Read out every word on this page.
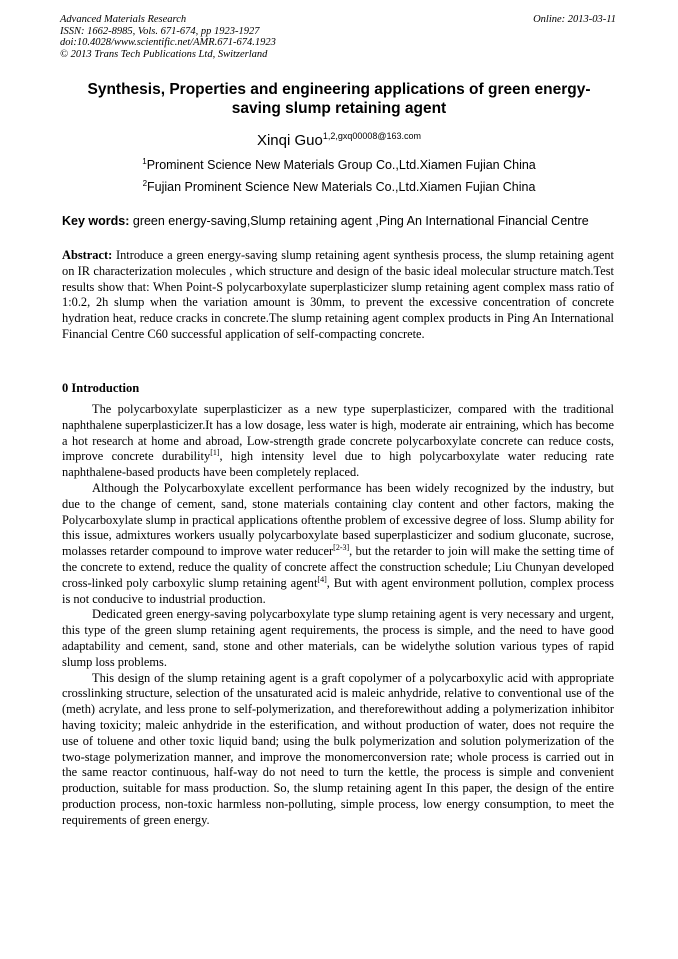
Advanced Materials Research
ISSN: 1662-8985, Vols. 671-674, pp 1923-1927
doi:10.4028/www.scientific.net/AMR.671-674.1923
© 2013 Trans Tech Publications Ltd, Switzerland
Online: 2013-03-11
Synthesis, Properties and engineering applications of green energy-saving slump retaining agent
Xinqi Guo$^{1,2,gxq00008@163.com}$
$^1$Prominent Science New Materials Group Co.,Ltd.Xiamen Fujian China
$^2$Fujian Prominent Science New Materials Co.,Ltd.Xiamen Fujian China
Key words: green energy-saving,Slump retaining agent ,Ping An International Financial Centre

Abstract: Introduce a green energy-saving slump retaining agent synthesis process, the slump retaining agent on IR characterization molecules , which structure and design of the basic ideal molecular structure match.Test results show that: When Point-S polycarboxylate superplasticizer slump retaining agent complex mass ratio of 1:0.2, 2h slump when the variation amount is 30mm, to prevent the excessive concentration of concrete hydration heat, reduce cracks in concrete.The slump retaining agent complex products in Ping An International Financial Centre C60 successful application of self-compacting concrete.

0 Introduction

The polycarboxylate superplasticizer as a new type superplasticizer, compared with the traditional naphthalene superplasticizer.It has a low dosage, less water is high, moderate air entraining, which has become a hot research at home and abroad, Low-strength grade concrete polycarboxylate concrete can reduce costs, improve concrete durability[1], high intensity level due to high polycarboxylate water reducing rate naphthalene-based products have been completely replaced.

Although the Polycarboxylate excellent performance has been widely recognized by the industry, but due to the change of cement, sand, stone materials containing clay content and other factors, making the Polycarboxylate slump in practical applications oftenthe problem of excessive degree of loss. Slump ability for this issue, admixtures workers usually polycarboxylate based superplasticizer and sodium gluconate, sucrose, molasses retarder compound to improve water reducer[2-3], but the retarder to join will make the setting time of the concrete to extend, reduce the quality of concrete affect the construction schedule; Liu Chunyan developed cross-linked poly carboxylic slump retaining agent[4], But with agent environment pollution, complex process is not conducive to industrial production.

Dedicated green energy-saving polycarboxylate type slump retaining agent is very necessary and urgent, this type of the green slump retaining agent requirements, the process is simple, and the need to have good adaptability and cement, sand, stone and other materials, can be widelythe solution various types of rapid slump loss problems.

This design of the slump retaining agent is a graft copolymer of a polycarboxylic acid with appropriate crosslinking structure, selection of the unsaturated acid is maleic anhydride, relative to conventional use of the (meth) acrylate, and less prone to self-polymerization, and thereforewithout adding a polymerization inhibitor having toxicity; maleic anhydride in the esterification, and without production of water, does not require the use of toluene and other toxic liquid band; using the bulk polymerization and solution polymerization of the two-stage polymerization manner, and improve the monomerconversion rate; whole process is carried out in the same reactor continuous, half-way do not need to turn the kettle, the process is simple and convenient production, suitable for mass production. So, the slump retaining agent In this paper, the design of the entire production process, non-toxic harmless non-polluting, simple process, low energy consumption, to meet the requirements of green energy.
